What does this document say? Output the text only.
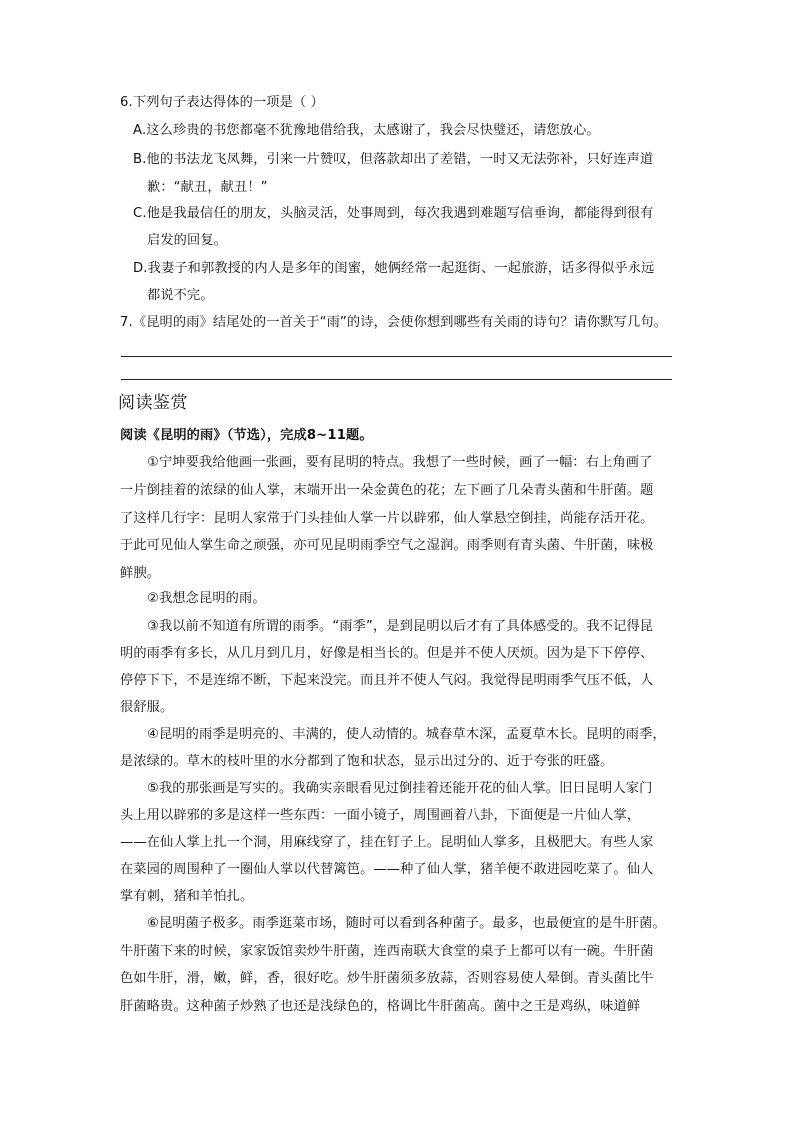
6.下列句子表达得体的一项是（ ）

A.这么珍贵的书您都毫不犹豫地借给我，太感谢了，我会尽快璧还，请您放心。

B.他的书法龙飞凤舞，引来一片赞叹，但落款却出了差错，一时又无法弥补，只好连声道

歉：“献丑，献丑！”

C.他是我最信任的朋友，头脑灵活，处事周到，每次我遇到难题写信垂询，都能得到很有

启发的回复。

D.我妻子和郭教授的内人是多年的闺蜜，她俩经常一起逛街、一起旅游，话多得似乎永远

都说不完。

7.《昆明的雨》结尾处的一首关于“雨”的诗，会使你想到哪些有关雨的诗句？请你默写几句。

阅读鉴赏

阅读《昆明的雨》（节选），完成8~11题。

①宁坤要我给他画一张画，要有昆明的特点。我想了一些时候，画了一幅：右上角画了

一片倒挂着的浓绿的仙人掌，末端开出一朵金黄色的花；左下画了几朵青头菌和牛肝菌。题

了这样几行字：昆明人家常于门头挂仙人掌一片以辟邪，仙人掌悬空倒挂，尚能存活开花。

于此可见仙人掌生命之顽强，亦可见昆明雨季空气之湿润。雨季则有青头菌、牛肝菌，味极

鲜腴。

②我想念昆明的雨。

③我以前不知道有所谓的雨季。“雨季”，是到昆明以后才有了具体感受的。我不记得昆

明的雨季有多长，从几月到几月，好像是相当长的。但是并不使人厌烦。因为是下下停停、

停停下下，不是连绵不断，下起来没完。而且并不使人气闷。我觉得昆明雨季气压不低，人

很舒服。

④昆明的雨季是明亮的、丰满的，使人动情的。城春草木深，孟夏草木长。昆明的雨季，

是浓绿的。草木的枝叶里的水分都到了饱和状态，显示出过分的、近于夸张的旺盛。

⑤我的那张画是写实的。我确实亲眼看见过倒挂着还能开花的仙人掌。旧日昆明人家门

头上用以辟邪的多是这样一些东西：一面小镜子，周围画着八卦，下面便是一片仙人掌，

——在仙人掌上扎一个洞，用麻线穿了，挂在钉子上。昆明仙人掌多，且极肥大。有些人家

在菜园的周围种了一圈仙人掌以代替篱笆。——种了仙人掌，猪羊便不敢进园吃菜了。仙人

掌有刺，猪和羊怕扎。

⑥昆明菌子极多。雨季逛菜市场，随时可以看到各种菌子。最多，也最便宜的是牛肝菌。

牛肝菌下来的时候，家家饭馆卖炒牛肝菌，连西南联大食堂的桌子上都可以有一碗。牛肝菌

色如牛肝，滑，嫩，鲜，香，很好吃。炒牛肝菌须多放蒜，否则容易使人晕倒。青头菌比牛

肝菌略贵。这种菌子炒熟了也还是浅绿色的，格调比牛肝菌高。菌中之王是鸡纵，味道鲜
